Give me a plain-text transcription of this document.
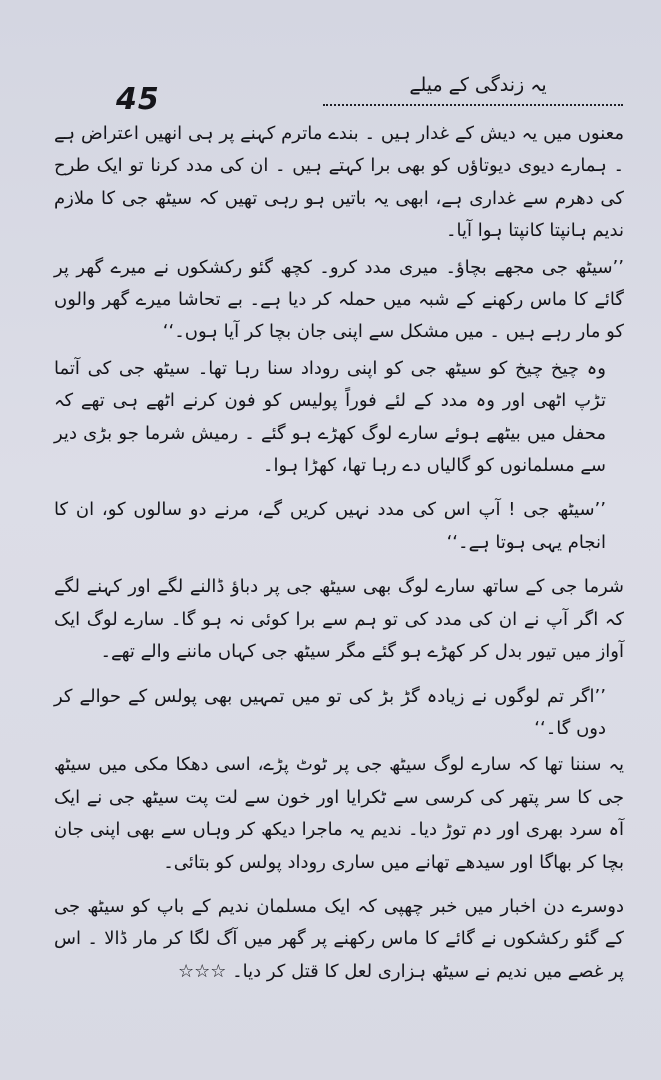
45	یہ زندگی کے میلے

معنوں میں یہ دیش کے غدار ہیں ۔ بندے ماترم کہنے پر ہی انھیں اعتراض ہے ۔ ہمارے دیوی دیوتاؤں کو بھی برا کہتے ہیں ۔ ان کی مدد کرنا تو ایک طرح کی دھرم سے غداری ہے، ابھی یہ باتیں ہو رہی تھیں کہ سیٹھ جی کا ملازم ندیم ہانپتا کانپتا ہوا آیا۔

’’سیٹھ جی مجھے بچاؤ۔ میری مدد کرو۔ کچھ گئو رکشکوں نے میرے گھر پر گائے کا ماس رکھنے کے شبہ میں حملہ کر دیا ہے۔ بے تحاشا میرے گھر والوں کو مار رہے ہیں ۔ میں مشکل سے اپنی جان بچا کر آیا ہوں۔‘‘

وہ چیخ چیخ کو سیٹھ جی کو اپنی روداد سنا رہا تھا۔ سیٹھ جی کی آتما تڑپ اٹھی اور وہ مدد کے لئے فوراً پولیس کو فون کرنے اٹھے ہی تھے کہ محفل میں بیٹھے ہوئے سارے لوگ کھڑے ہو گئے ۔ رمیش شرما جو بڑی دیر سے مسلمانوں کو گالیاں دے رہا تھا، کھڑا ہوا۔

’’سیٹھ جی ! آپ اس کی مدد نہیں کریں گے، مرنے دو سالوں کو، ان کا انجام یہی ہوتا ہے۔‘‘

شرما جی کے ساتھ سارے لوگ بھی سیٹھ جی پر دباؤ ڈالنے لگے اور کہنے لگے کہ اگر آپ نے ان کی مدد کی تو ہم سے برا کوئی نہ ہو گا۔ سارے لوگ ایک آواز میں تیور بدل کر کھڑے ہو گئے مگر سیٹھ جی کہاں ماننے والے تھے۔

’’اگر تم لوگوں نے زیادہ گڑ بڑ کی تو میں تمہیں بھی پولس کے حوالے کر دوں گا۔‘‘

یہ سننا تھا کہ سارے لوگ سیٹھ جی پر ٹوٹ پڑے، اسی دھکا مکی میں سیٹھ جی کا سر پتھر کی کرسی سے ٹکرایا اور خون سے لت پت سیٹھ جی نے ایک آہ سرد بھری اور دم توڑ دیا۔ ندیم یہ ماجرا دیکھ کر وہاں سے بھی اپنی جان بچا کر بھاگا اور سیدھے تھانے میں ساری روداد پولس کو بتائی۔

دوسرے دن اخبار میں خبر چھپی کہ ایک مسلمان ندیم کے باپ کو سیٹھ جی کے گئو رکشکوں نے گائے کا ماس رکھنے پر گھر میں آگ لگا کر مار ڈالا ۔ اس پر غصے میں ندیم نے سیٹھ ہزاری لعل کا قتل کر دیا۔ ☆☆☆
